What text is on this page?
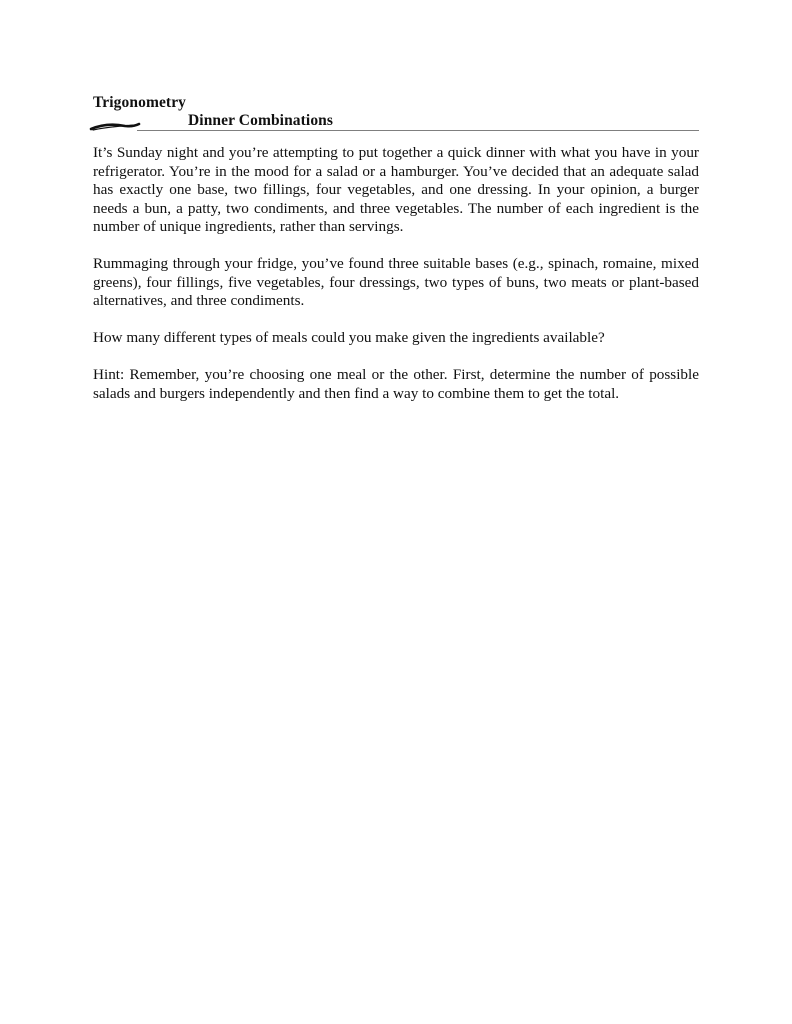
Trigonometry
Dinner Combinations

It’s Sunday night and you’re attempting to put together a quick dinner with what you have in your refrigerator. You’re in the mood for a salad or a hamburger. You’ve decided that an adequate salad has exactly one base, two fillings, four vegetables, and one dressing. In your opinion, a burger needs a bun, a patty, two condiments, and three vegetables. The number of each ingredient is the number of unique ingredients, rather than servings.

Rummaging through your fridge, you’ve found three suitable bases (e.g., spinach, romaine, mixed greens), four fillings, five vegetables, four dressings, two types of buns, two meats or plant-based alternatives, and three condiments.

How many different types of meals could you make given the ingredients available?

Hint: Remember, you’re choosing one meal or the other. First, determine the number of possible salads and burgers independently and then find a way to combine them to get the total.
